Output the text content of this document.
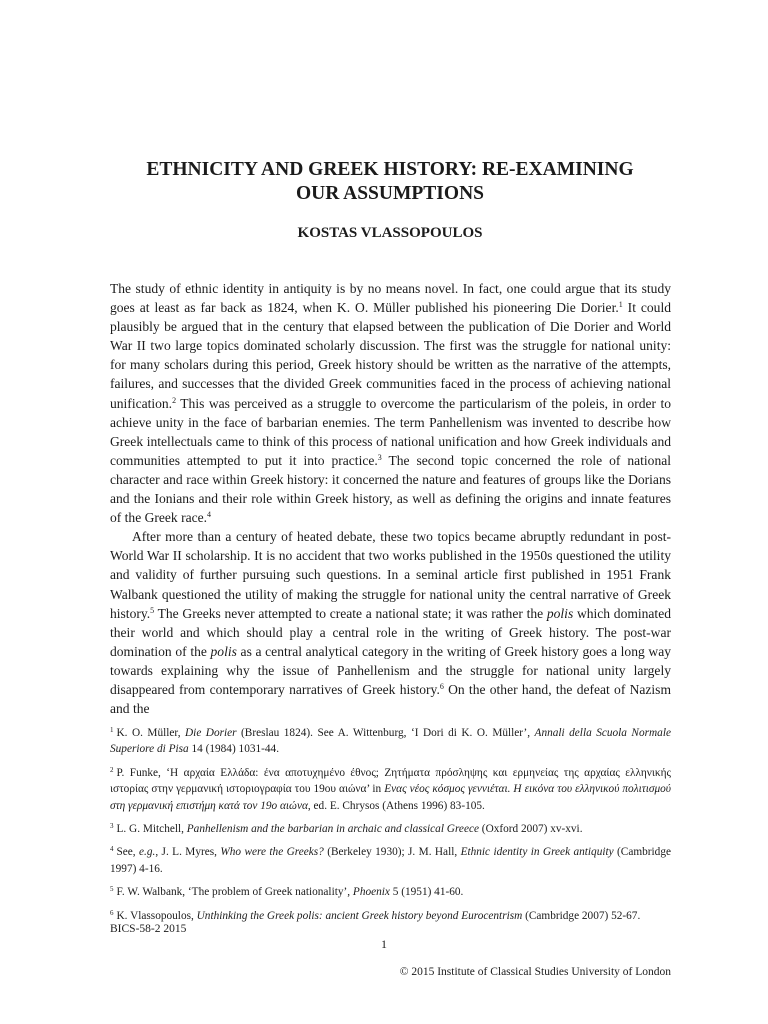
ETHNICITY AND GREEK HISTORY: RE-EXAMINING
OUR ASSUMPTIONS
KOSTAS VLASSOPOULOS

The study of ethnic identity in antiquity is by no means novel. In fact, one could argue that its study goes at least as far back as 1824, when K. O. Müller published his pioneering Die Dorier.$^1$ It could plausibly be argued that in the century that elapsed between the publication of Die Dorier and World War II two large topics dominated scholarly discussion. The first was the struggle for national unity: for many scholars during this period, Greek history should be written as the narrative of the attempts, failures, and successes that the divided Greek communities faced in the process of achieving national unification.$^2$ This was perceived as a struggle to overcome the particularism of the poleis, in order to achieve unity in the face of barbarian enemies. The term Panhellenism was invented to describe how Greek intellectuals came to think of this process of national unification and how Greek individuals and communities attempted to put it into practice.$^3$ The second topic concerned the role of national character and race within Greek history: it concerned the nature and features of groups like the Dorians and the Ionians and their role within Greek history, as well as defining the origins and innate features of the Greek race.$^4$

After more than a century of heated debate, these two topics became abruptly redundant in post-World War II scholarship. It is no accident that two works published in the 1950s questioned the utility and validity of further pursuing such questions. In a seminal article first published in 1951 Frank Walbank questioned the utility of making the struggle for national unity the central narrative of Greek history.$^5$ The Greeks never attempted to create a national state; it was rather the polis which dominated their world and which should play a central role in the writing of Greek history. The post-war domination of the polis as a central analytical category in the writing of Greek history goes a long way towards explaining why the issue of Panhellenism and the struggle for national unity largely disappeared from contemporary narratives of Greek history.$^6$ On the other hand, the defeat of Nazism and the

$^1$ K. O. Müller, Die Dorier (Breslau 1824). See A. Wittenburg, ‘I Dori di K. O. Müller’, Annali della Scuola Normale Superiore di Pisa 14 (1984) 1031-44.

$^2$ P. Funke, ‘Η αρχαία Ελλάδα: ένα αποτυχημένο έθνος; Ζητήματα πρόσληψης και ερμηνείας της αρχαίας ελληνικής ιστορίας στην γερμανική ιστοριογραφία του 19ου αιώνα’ in Ενας νέος κόσμος γεννιέται. Η εικόνα του ελληνικού πολιτισμού στη γερμανική επιστήμη κατά τον 19ο αιώνα, ed. E. Chrysos (Athens 1996) 83-105.

$^3$ L. G. Mitchell, Panhellenism and the barbarian in archaic and classical Greece (Oxford 2007) xv-xvi.

$^4$ See, e.g., J. L. Myres, Who were the Greeks? (Berkeley 1930); J. M. Hall, Ethnic identity in Greek antiquity (Cambridge 1997) 4-16.

$^5$ F. W. Walbank, ‘The problem of Greek nationality’, Phoenix 5 (1951) 41-60.

$^6$ K. Vlassopoulos, Unthinking the Greek polis: ancient Greek history beyond Eurocentrism (Cambridge 2007) 52-67.

BICS-58-2 2015
1
© 2015 Institute of Classical Studies University of London
